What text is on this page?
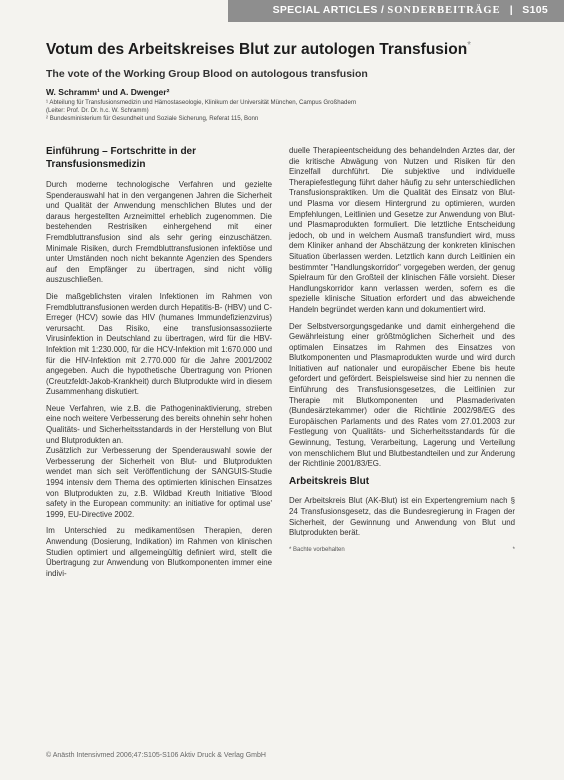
SPECIAL ARTICLES / SONDERBEITRÄGE | S105
Votum des Arbeitskreises Blut zur autologen Transfusion*
The vote of the Working Group Blood on autologous transfusion
W. Schramm¹ und A. Dwenger²
¹ Abteilung für Transfusionsmedizin und Hämostaseologie, Klinikum der Universität München, Campus Großhadern
(Leiter: Prof. Dr. Dr. h.c. W. Schramm)
² Bundesministerium für Gesundheit und Soziale Sicherung, Referat 115, Bonn
Einführung – Fortschritte in der Transfusionsmedizin

Durch moderne technologische Verfahren und gezielte Spenderauswahl hat in den vergangenen Jahren die Sicherheit und Qualität der Anwendung menschlichen Blutes und der daraus hergestellten Arzneimittel erheblich zugenommen. Die bestehenden Restrisiken einhergehend mit einer Fremdbluttransfusion sind als sehr gering einzuschätzen. Minimale Risiken, durch Fremdbluttransfusionen infektiöse und unter Umständen noch nicht bekannte Agenzien des Spenders auf den Empfänger zu übertragen, sind nicht völlig auszuschließen.

Die maßgeblichsten viralen Infektionen im Rahmen von Fremdbluttransfusionen werden durch Hepatitis-B- (HBV) und C-Erreger (HCV) sowie das HIV (humanes Immundefizienzvirus) verursacht. Das Risiko, eine transfusionsassoziierte Virusinfektion in Deutschland zu übertragen, wird für die HBV-Infektion mit 1:230.000, für die HCV-Infektion mit 1:670.000 und für die HIV-Infektion mit 2.770.000 für die Jahre 2001/2002 angegeben. Auch die hypothetische Übertragung von Prionen (Creutzfeldt-Jakob-Krankheit) durch Blutprodukte wird in diesem Zusammenhang diskutiert.

Neue Verfahren, wie z.B. die Pathogeninaktivierung, streben eine noch weitere Verbesserung des bereits ohnehin sehr hohen Qualitäts- und Sicherheitsstandards in der Herstellung von Blut und Blutprodukten an.

Zusätzlich zur Verbesserung der Spenderauswahl sowie der Verbesserung der Sicherheit von Blut- und Blutprodukten wendet man sich seit Veröffentlichung der SANGUIS-Studie 1994 intensiv dem Thema des optimierten klinischen Einsatzes von Blutprodukten zu, z.B. Wildbad Kreuth Initiative 'Blood safety in the European community: an initiative for optimal use' 1999, EU-Directive 2002.

Im Unterschied zu medikamentösen Therapien, deren Anwendung (Dosierung, Indikation) im Rahmen von klinischen Studien optimiert und allgemeingültig definiert wird, stellt die Übertragung zur Anwendung von Blutkomponenten immer eine indivi-

duelle Therapieentscheidung des behandelnden Arztes dar, der die kritische Abwägung von Nutzen und Risiken für den Einzelfall durchführt. Die subjektive und individuelle Therapiefestlegung führt daher häufig zu sehr unterschiedlichen Transfusionspraktiken. Um die Qualität des Einsatz von Blut- und Plasma vor diesem Hintergrund zu optimieren, wurden Empfehlungen, Leitlinien und Gesetze zur Anwendung von Blut- und Plasmaprodukten formuliert. Die letztliche Entscheidung jedoch, ob und in welchem Ausmaß transfundiert wird, muss dem Kliniker anhand der Abschätzung der konkreten klinischen Situation überlassen werden. Letztlich kann durch Leitlinien ein bestimmter "Handlungskorridor" vorgegeben werden, der genug Spielraum für den Großteil der klinischen Fälle vorsieht. Dieser Handlungskorridor kann verlassen werden, sofern es die spezielle klinische Situation erfordert und das abweichende Handeln begründet werden kann und dokumentiert wird.

Der Selbstversorgungsgedanke und damit einhergehend die Gewährleistung einer größtmöglichen Sicherheit und des optimalen Einsatzes im Rahmen des Einsatzes von Blutkomponenten und Plasmaprodukten wurde und wird durch Initiativen auf nationaler und europäischer Ebene bis heute gefordert und gefördert. Beispielsweise sind hier zu nennen die Einführung des Transfusionsgesetzes, die Leitlinien zur Therapie mit Blutkomponenten und Plasmaderivaten (Bundesärztekammer) oder die Richtlinie 2002/98/EG des Europäischen Parlaments und des Rates vom 27.01.2003 zur Festlegung von Qualitäts- und Sicherheitsstandards für die Gewinnung, Testung, Verarbeitung, Lagerung und Verteilung von menschlichem Blut und Blutbestandteilen und zur Änderung der Richtlinie 2001/83/EG.

Arbeitskreis Blut

Der Arbeitskreis Blut (AK-Blut) ist ein Expertengremium nach § 24 Transfusionsgesetz, das die Bundesregierung in Fragen der Sicherheit, der Gewinnung und Anwendung von Blut und Blutprodukten berät.

* Bachte vorbehalten	*
© Anästh Intensivmed 2006;47:S105-S106 Aktiv Druck & Verlag GmbH
